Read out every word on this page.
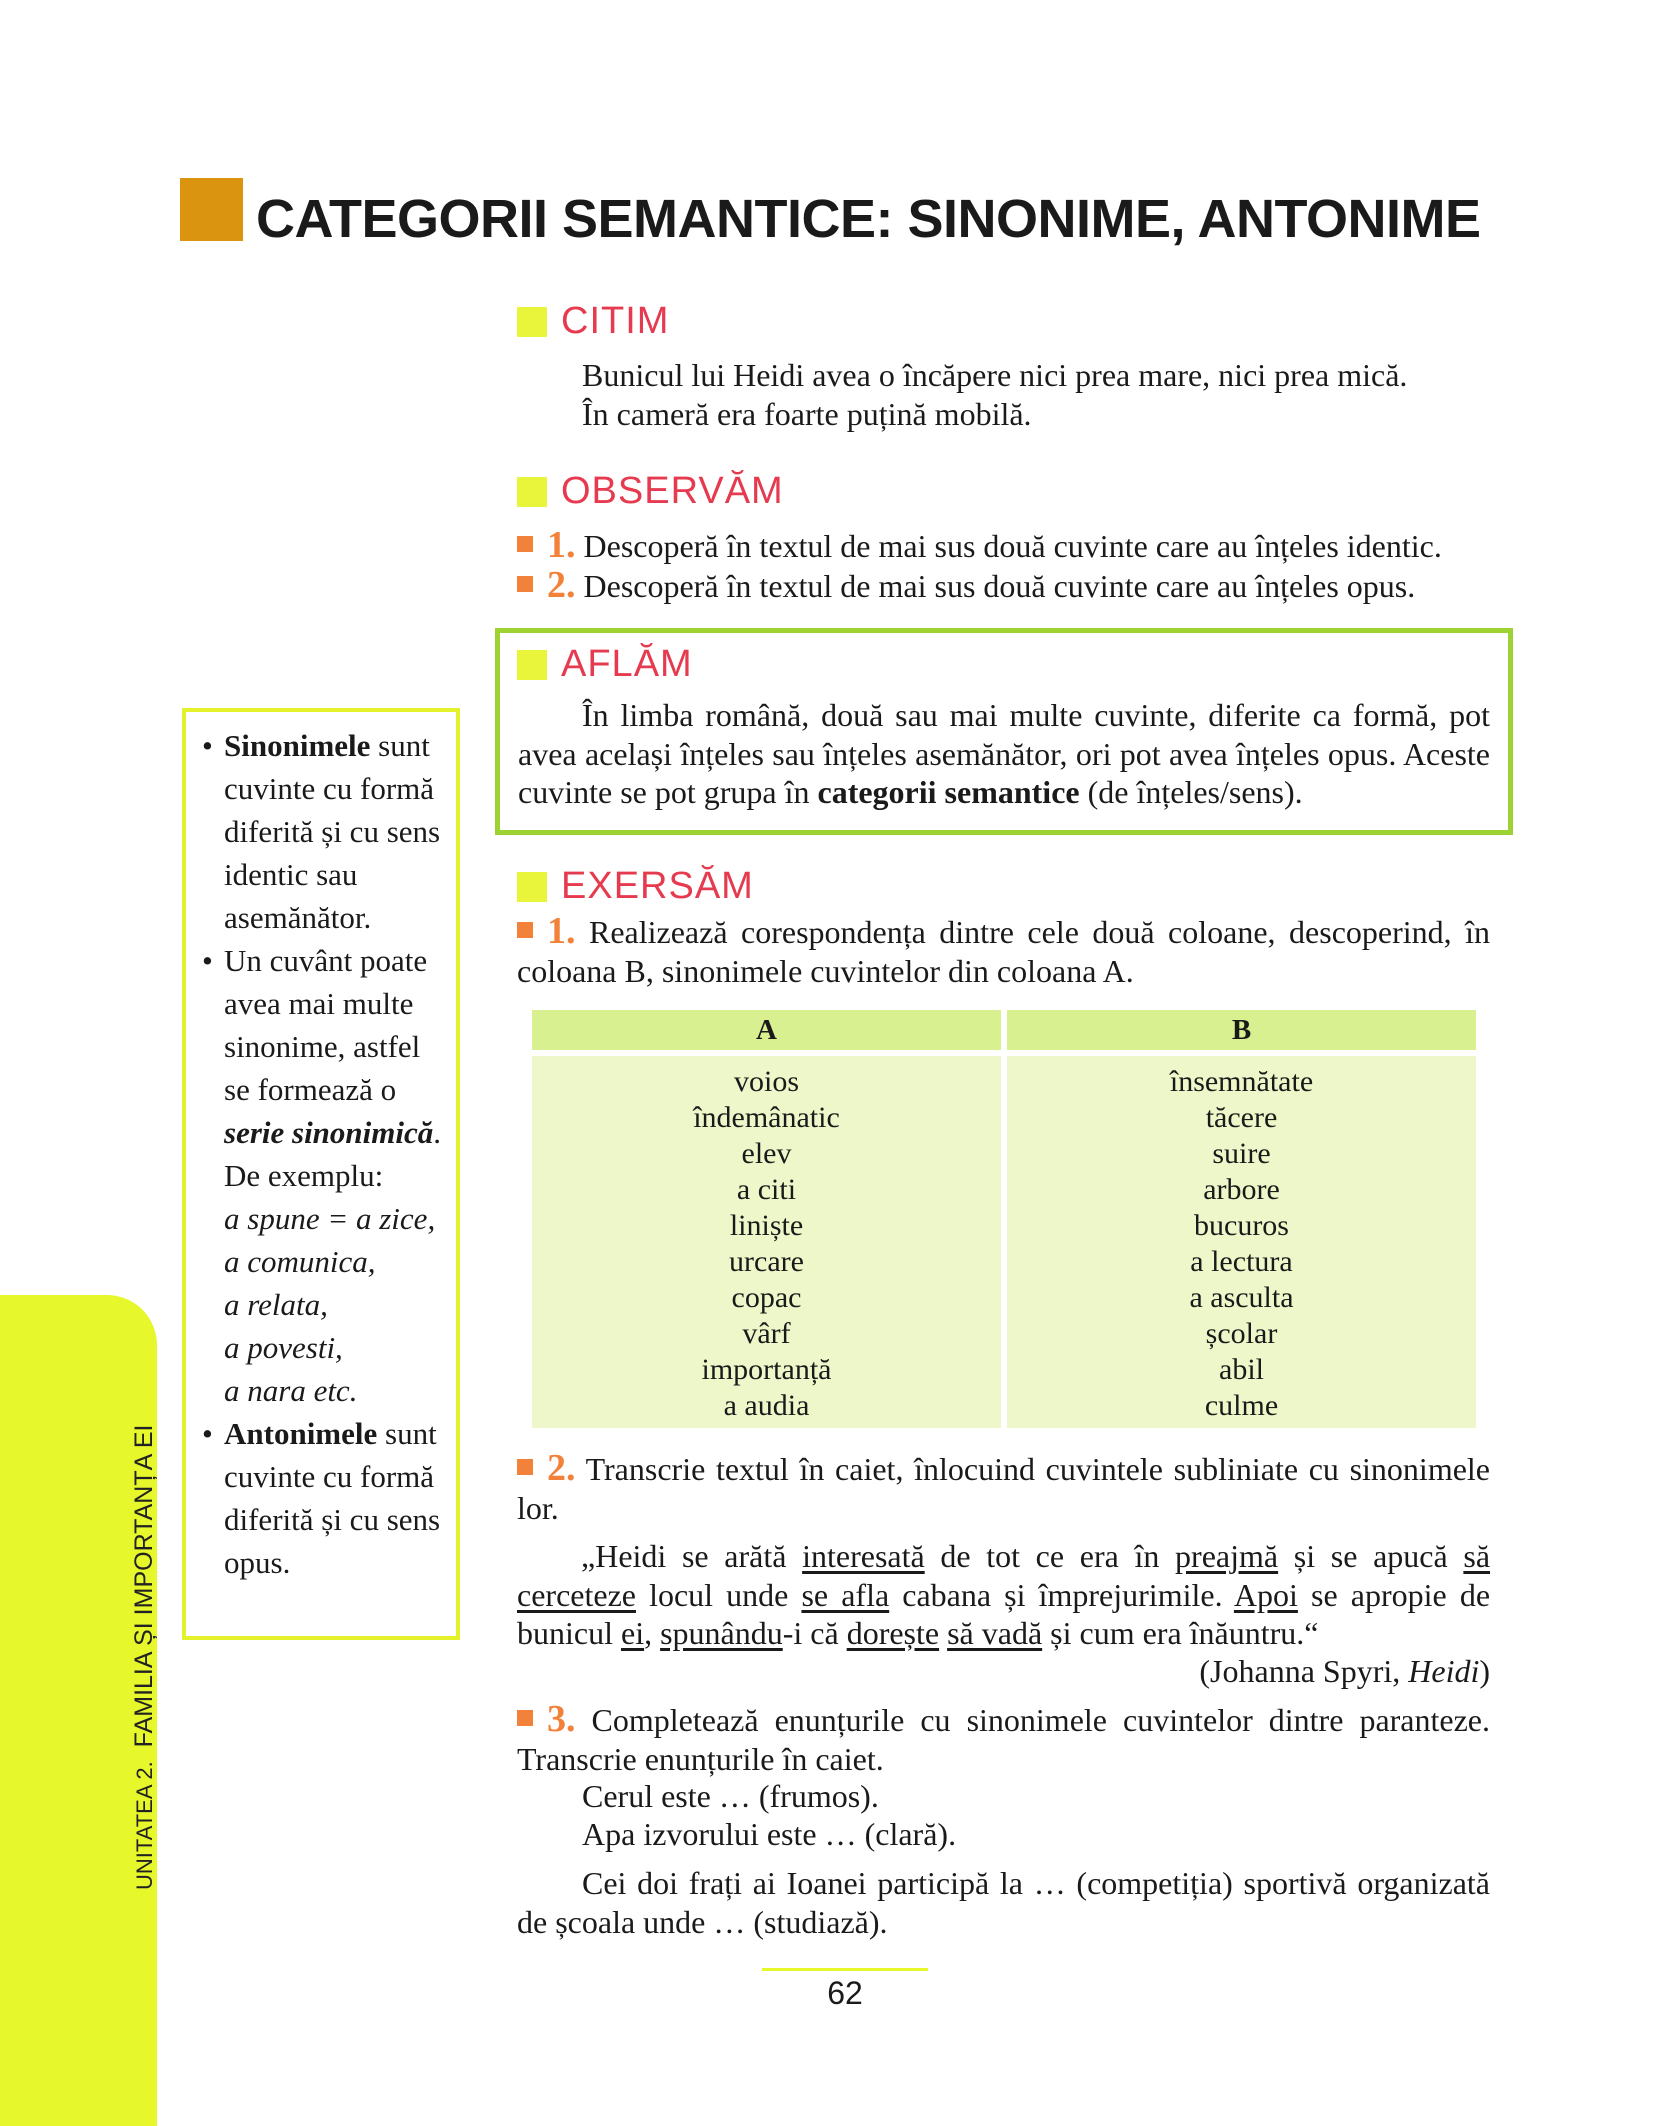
CATEGORII SEMANTICE: SINONIME, ANTONIME
CITIM
Bunicul lui Heidi avea o încăpere nici prea mare, nici prea mică.
În cameră era foarte puțină mobilă.
OBSERVĂM
1. Descoperă în textul de mai sus două cuvinte care au înțeles identic.
2. Descoperă în textul de mai sus două cuvinte care au înțeles opus.
AFLĂM

În limba română, două sau mai multe cuvinte, diferite ca formă, pot avea același înțeles sau înțeles asemănător, ori pot avea înțeles opus. Aceste cuvinte se pot grupa în categorii semantice (de înțeles/sens).

• Sinonimele sunt cuvinte cu formă diferită și cu sens identic sau asemănător.
• Un cuvânt poate avea mai multe sinonime, astfel se formează o serie sinonimică.
De exemplu:
a spune = a zice,
a comunica,
a relata,
a povesti,
a nara etc.
• Antonimele sunt cuvinte cu formă diferită și cu sens opus.
EXERSĂM

1. Realizează corespondența dintre cele două coloane, descoperind, în coloana B, sinonimele cuvintelor din coloana A.

A	B
voios
îndemânatic
elev
a citi
liniște
urcare
copac
vârf
importanță
a audia
însemnătate
tăcere
suire
arbore
bucuros
a lectura
a asculta
școlar
abil
culme

2. Transcrie textul în caiet, înlocuind cuvintele subliniate cu sinonimele lor.

„Heidi se arătă interesată de tot ce era în preajmă și se apucă să cerceteze locul unde se afla cabana și împrejurimile. Apoi se apropie de bunicul ei, spunându-i că dorește să vadă și cum era înăuntru.“

(Johanna Spyri, Heidi)

3. Completează enunțurile cu sinonimele cuvintelor dintre paranteze. Transcrie enunțurile în caiet.

Cerul este … (frumos).
Apa izvorului este … (clară).

Cei doi frați ai Ioanei participă la … (competiția) sportivă organizată de școala unde … (studiază).

UNITATEA 2.  FAMILIA ȘI IMPORTANȚA EI
62
